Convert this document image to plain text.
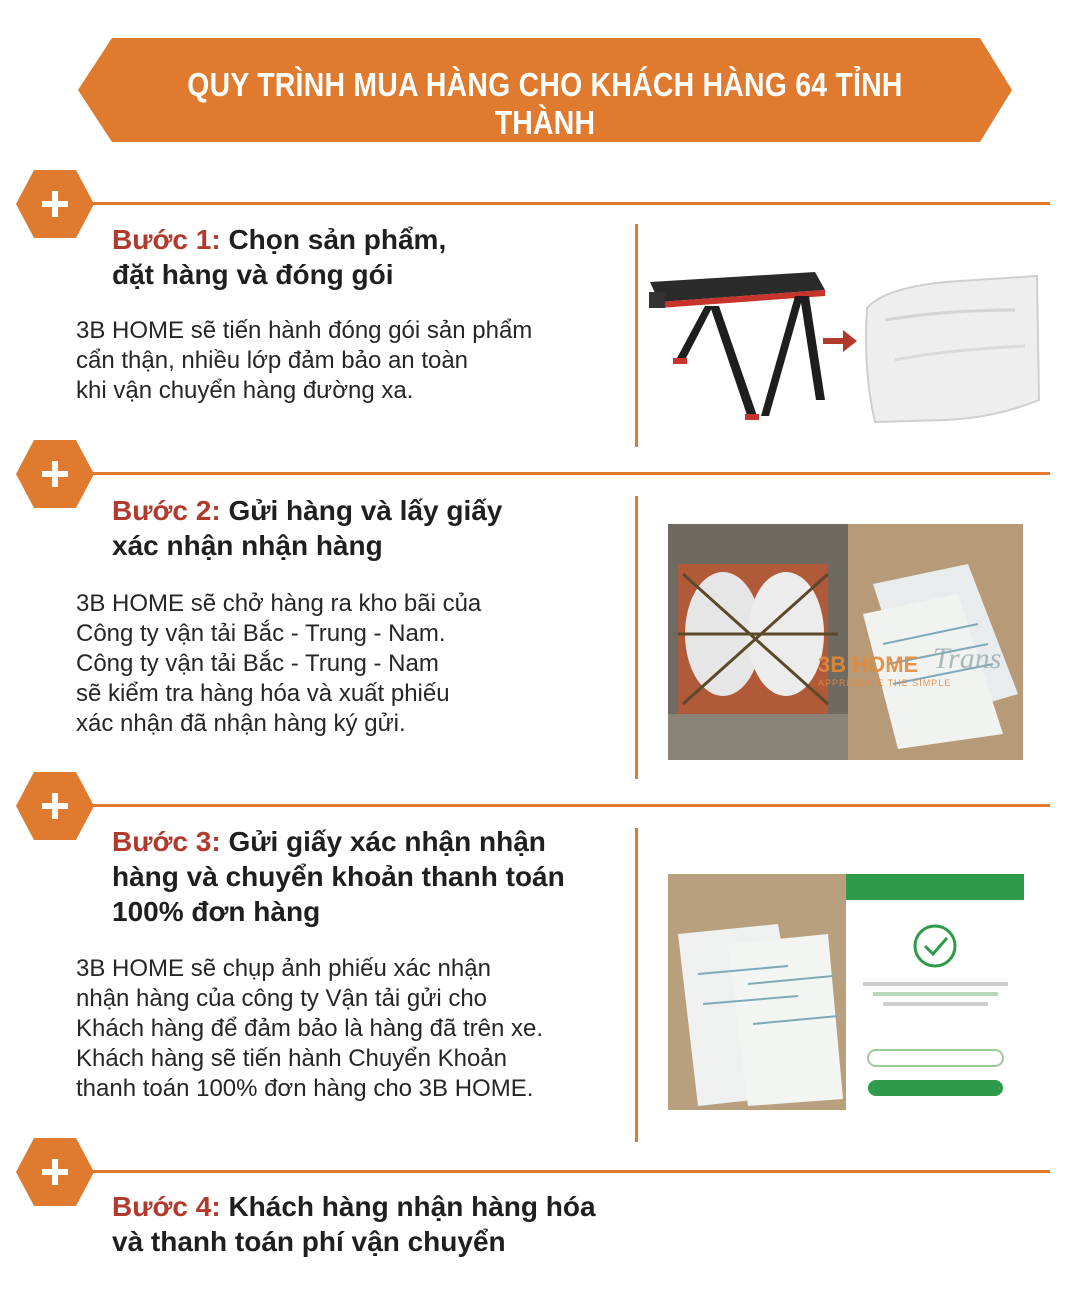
QUY TRÌNH MUA HÀNG CHO KHÁCH HÀNG 64 TỈNH THÀNH
Bước 1: Chọn sản phẩm,
đặt hàng và đóng gói
3B HOME sẽ tiến hành đóng gói sản phẩm
cẩn thận, nhiều lớp đảm bảo an toàn
khi vận chuyển hàng đường xa.
Bước 2: Gửi hàng và lấy giấy
xác nhận nhận hàng
3B HOME sẽ chở hàng ra kho bãi của
Công ty vận tải Bắc - Trung - Nam.
Công ty vận tải Bắc - Trung - Nam
sẽ kiểm tra hàng hóa và xuất phiếu
xác nhận đã nhận hàng ký gửi.
3B HOME
APPRECIATE THE SIMPLE
Trans
Bước 3: Gửi giấy xác nhận nhận
hàng và chuyển khoản thanh toán
100% đơn hàng
3B HOME sẽ chụp ảnh phiếu xác nhận
nhận hàng của công ty Vận tải gửi cho
Khách hàng để đảm bảo là hàng đã trên xe.
Khách hàng sẽ tiến hành Chuyển Khoản
thanh toán 100% đơn hàng cho 3B HOME.
Bước 4: Khách hàng nhận hàng hóa
và thanh toán phí vận chuyển
